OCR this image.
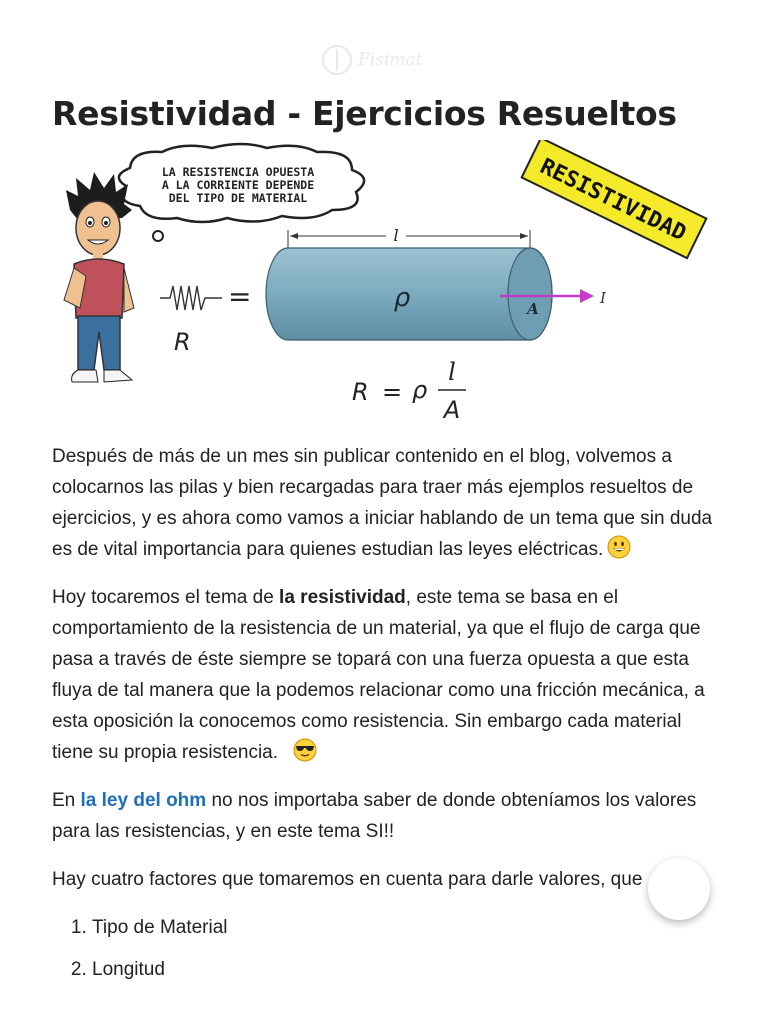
Fisimat
Resistividad - Ejercicios Resueltos
LA RESISTENCIA OPUESTA
A LA CORRIENTE DEPENDE
DEL TIPO DE MATERIAL	RESISTIVIDAD
R
=
l
ρ	A
I
R = ρ
l
A

Después de más de un mes sin publicar contenido en el blog, volvemos a colocarnos las pilas y bien recargadas para traer más ejemplos resueltos de ejercicios, y es ahora como vamos a iniciar hablando de un tema que sin duda es de vital importancia para quienes estudian las leyes eléctricas.

Hoy tocaremos el tema de la resistividad, este tema se basa en el comportamiento de la resistencia de un material, ya que el flujo de carga que pasa a través de éste siempre se topará con una fuerza opuesta a que esta fluya de tal manera que la podemos relacionar como una fricción mecánica, a esta oposición la conocemos como resistencia. Sin embargo cada material tiene su propia resistencia.

En la ley del ohm no nos importaba saber de donde obteníamos los valores para las resistencias, y en este tema SI!!

Hay cuatro factores que tomaremos en cuenta para darle valores, que

1. Tipo de Material
2. Longitud
